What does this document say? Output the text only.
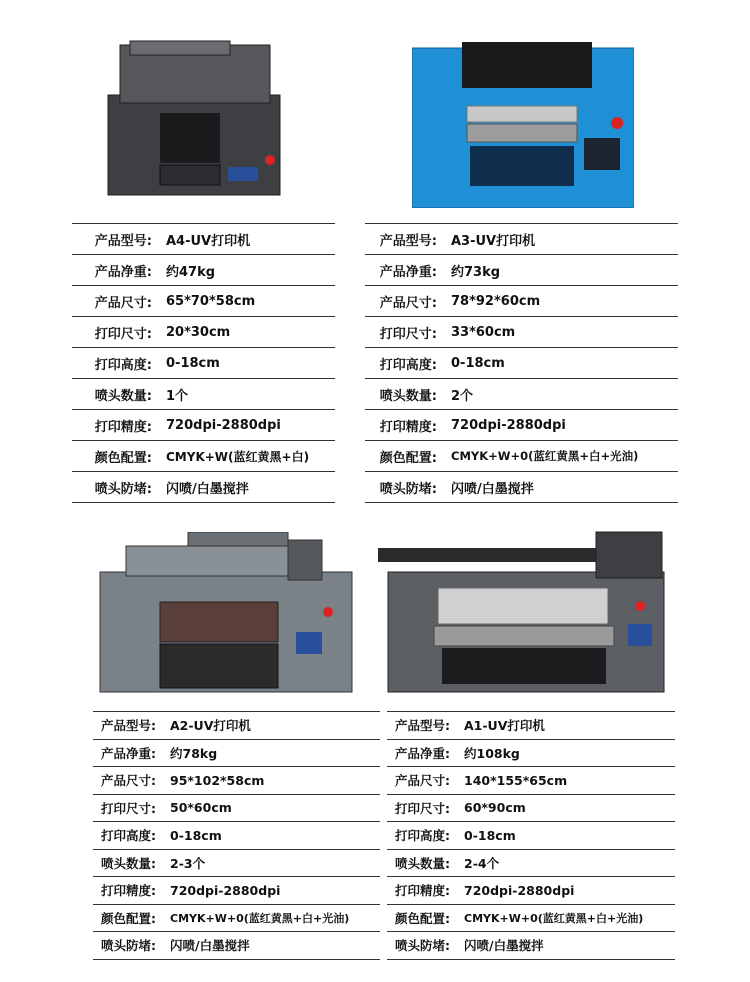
产品型号:	A4-UV打印机
产品净重:	约47kg
产品尺寸:	65*70*58cm
打印尺寸:	20*30cm
打印高度:	0-18cm
喷头数量:	1个
打印精度:	720dpi-2880dpi
颜色配置:	CMYK+W(蓝红黄黑+白)
喷头防堵:	闪喷/白墨搅拌
产品型号:	A3-UV打印机
产品净重:	约73kg
产品尺寸:	78*92*60cm
打印尺寸:	33*60cm
打印高度:	0-18cm
喷头数量:	2个
打印精度:	720dpi-2880dpi
颜色配置:	CMYK+W+0(蓝红黄黑+白+光油)
喷头防堵:	闪喷/白墨搅拌
产品型号:	A2-UV打印机
产品净重:	约78kg
产品尺寸:	95*102*58cm
打印尺寸:	50*60cm
打印高度:	0-18cm
喷头数量:	2-3个
打印精度:	720dpi-2880dpi
颜色配置:	CMYK+W+0(蓝红黄黑+白+光油)
喷头防堵:	闪喷/白墨搅拌
产品型号:	A1-UV打印机
产品净重:	约108kg
产品尺寸:	140*155*65cm
打印尺寸:	60*90cm
打印高度:	0-18cm
喷头数量:	2-4个
打印精度:	720dpi-2880dpi
颜色配置:	CMYK+W+0(蓝红黄黑+白+光油)
喷头防堵:	闪喷/白墨搅拌
